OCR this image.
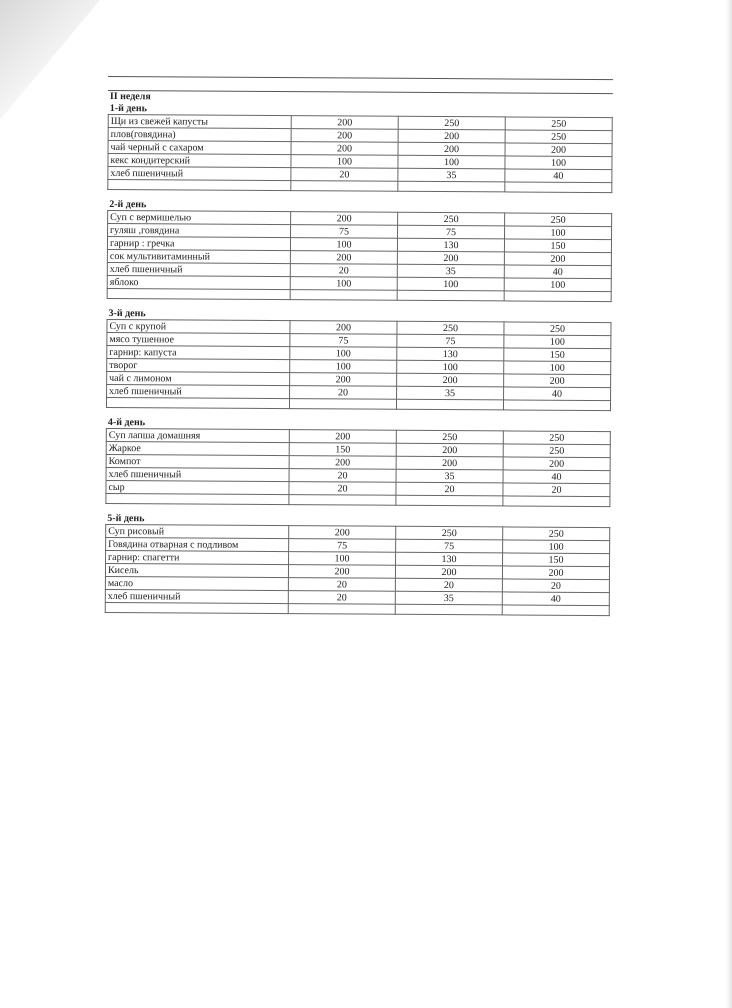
II неделя
1-й день
Щи из свежей капусты	200	250	250
плов(говядина)	200	200	250
чай черный с сахаром	200	200	200
кекс кондитерский	100	100	100
хлеб пшеничный	20	35	40

2-й день
Суп с вермишелью	200	250	250
гуляш ,говядина	75	75	100
гарнир : гречка	100	130	150
сок мультивитаминный	200	200	200
хлеб пшеничный	20	35	40
яблоко	100	100	100

3-й день
Суп с крупой	200	250	250
мясо тушенное	75	75	100
гарнир: капуста	100	130	150
творог	100	100	100
чай с лимоном	200	200	200
хлеб пшеничный	20	35	40

4-й день
Суп лапша домашняя	200	250	250
Жаркое	150	200	250
Компот	200	200	200
хлеб пшеничный	20	35	40
сыр	20	20	20

5-й день
Суп рисовый	200	250	250
Говядина отварная с подливом	75	75	100
гарнир: спагетти	100	130	150
Кисель	200	200	200
масло	20	20	20
хлеб пшеничный	20	35	40
